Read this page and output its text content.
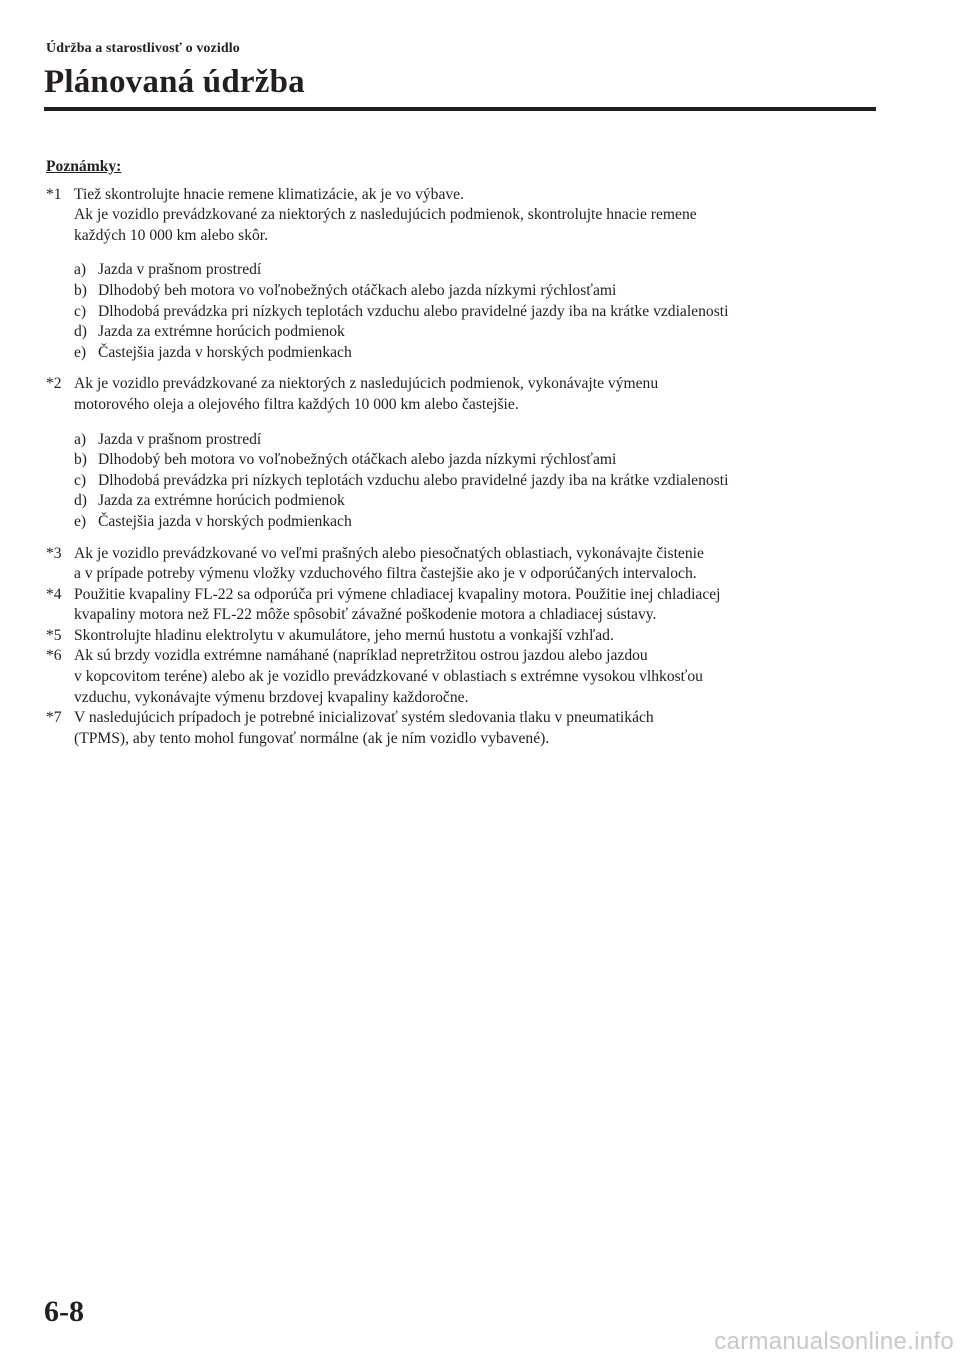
Údržba a starostlivosť o vozidlo
Plánovaná údržba
Poznámky:
*1 Tiež skontrolujte hnacie remene klimatizácie, ak je vo výbave.
Ak je vozidlo prevádzkované za niektorých z nasledujúcich podmienok, skontrolujte hnacie remene
každých 10 000 km alebo skôr.
a) Jazda v prašnom prostredí
b) Dlhodobý beh motora vo voľnobežných otáčkach alebo jazda nízkymi rýchlosťami
c) Dlhodobá prevádzka pri nízkych teplotách vzduchu alebo pravidelné jazdy iba na krátke vzdialenosti
d) Jazda za extrémne horúcich podmienok
e) Častejšia jazda v horských podmienkach
*2 Ak je vozidlo prevádzkované za niektorých z nasledujúcich podmienok, vykonávajte výmenu
motorového oleja a olejového filtra každých 10 000 km alebo častejšie.
a) Jazda v prašnom prostredí
b) Dlhodobý beh motora vo voľnobežných otáčkach alebo jazda nízkymi rýchlosťami
c) Dlhodobá prevádzka pri nízkych teplotách vzduchu alebo pravidelné jazdy iba na krátke vzdialenosti
d) Jazda za extrémne horúcich podmienok
e) Častejšia jazda v horských podmienkach
*3 Ak je vozidlo prevádzkované vo veľmi prašných alebo piesočnatých oblastiach, vykonávajte čistenie
a v prípade potreby výmenu vložky vzduchového filtra častejšie ako je v odporúčaných intervaloch.
*4 Použitie kvapaliny FL-22 sa odporúča pri výmene chladiacej kvapaliny motora. Použitie inej chladiacej
kvapaliny motora než FL-22 môže spôsobiť závažné poškodenie motora a chladiacej sústavy.
*5 Skontrolujte hladinu elektrolytu v akumulátore, jeho mernú hustotu a vonkajší vzhľad.
*6 Ak sú brzdy vozidla extrémne namáhané (napríklad nepretržitou ostrou jazdou alebo jazdou
v kopcovitom teréne) alebo ak je vozidlo prevádzkované v oblastiach s extrémne vysokou vlhkosťou
vzduchu, vykonávajte výmenu brzdovej kvapaliny každoročne.
*7 V nasledujúcich prípadoch je potrebné inicializovať systém sledovania tlaku v pneumatikách
(TPMS), aby tento mohol fungovať normálne (ak je ním vozidlo vybavené).
6-8
carmanualsonline.info
